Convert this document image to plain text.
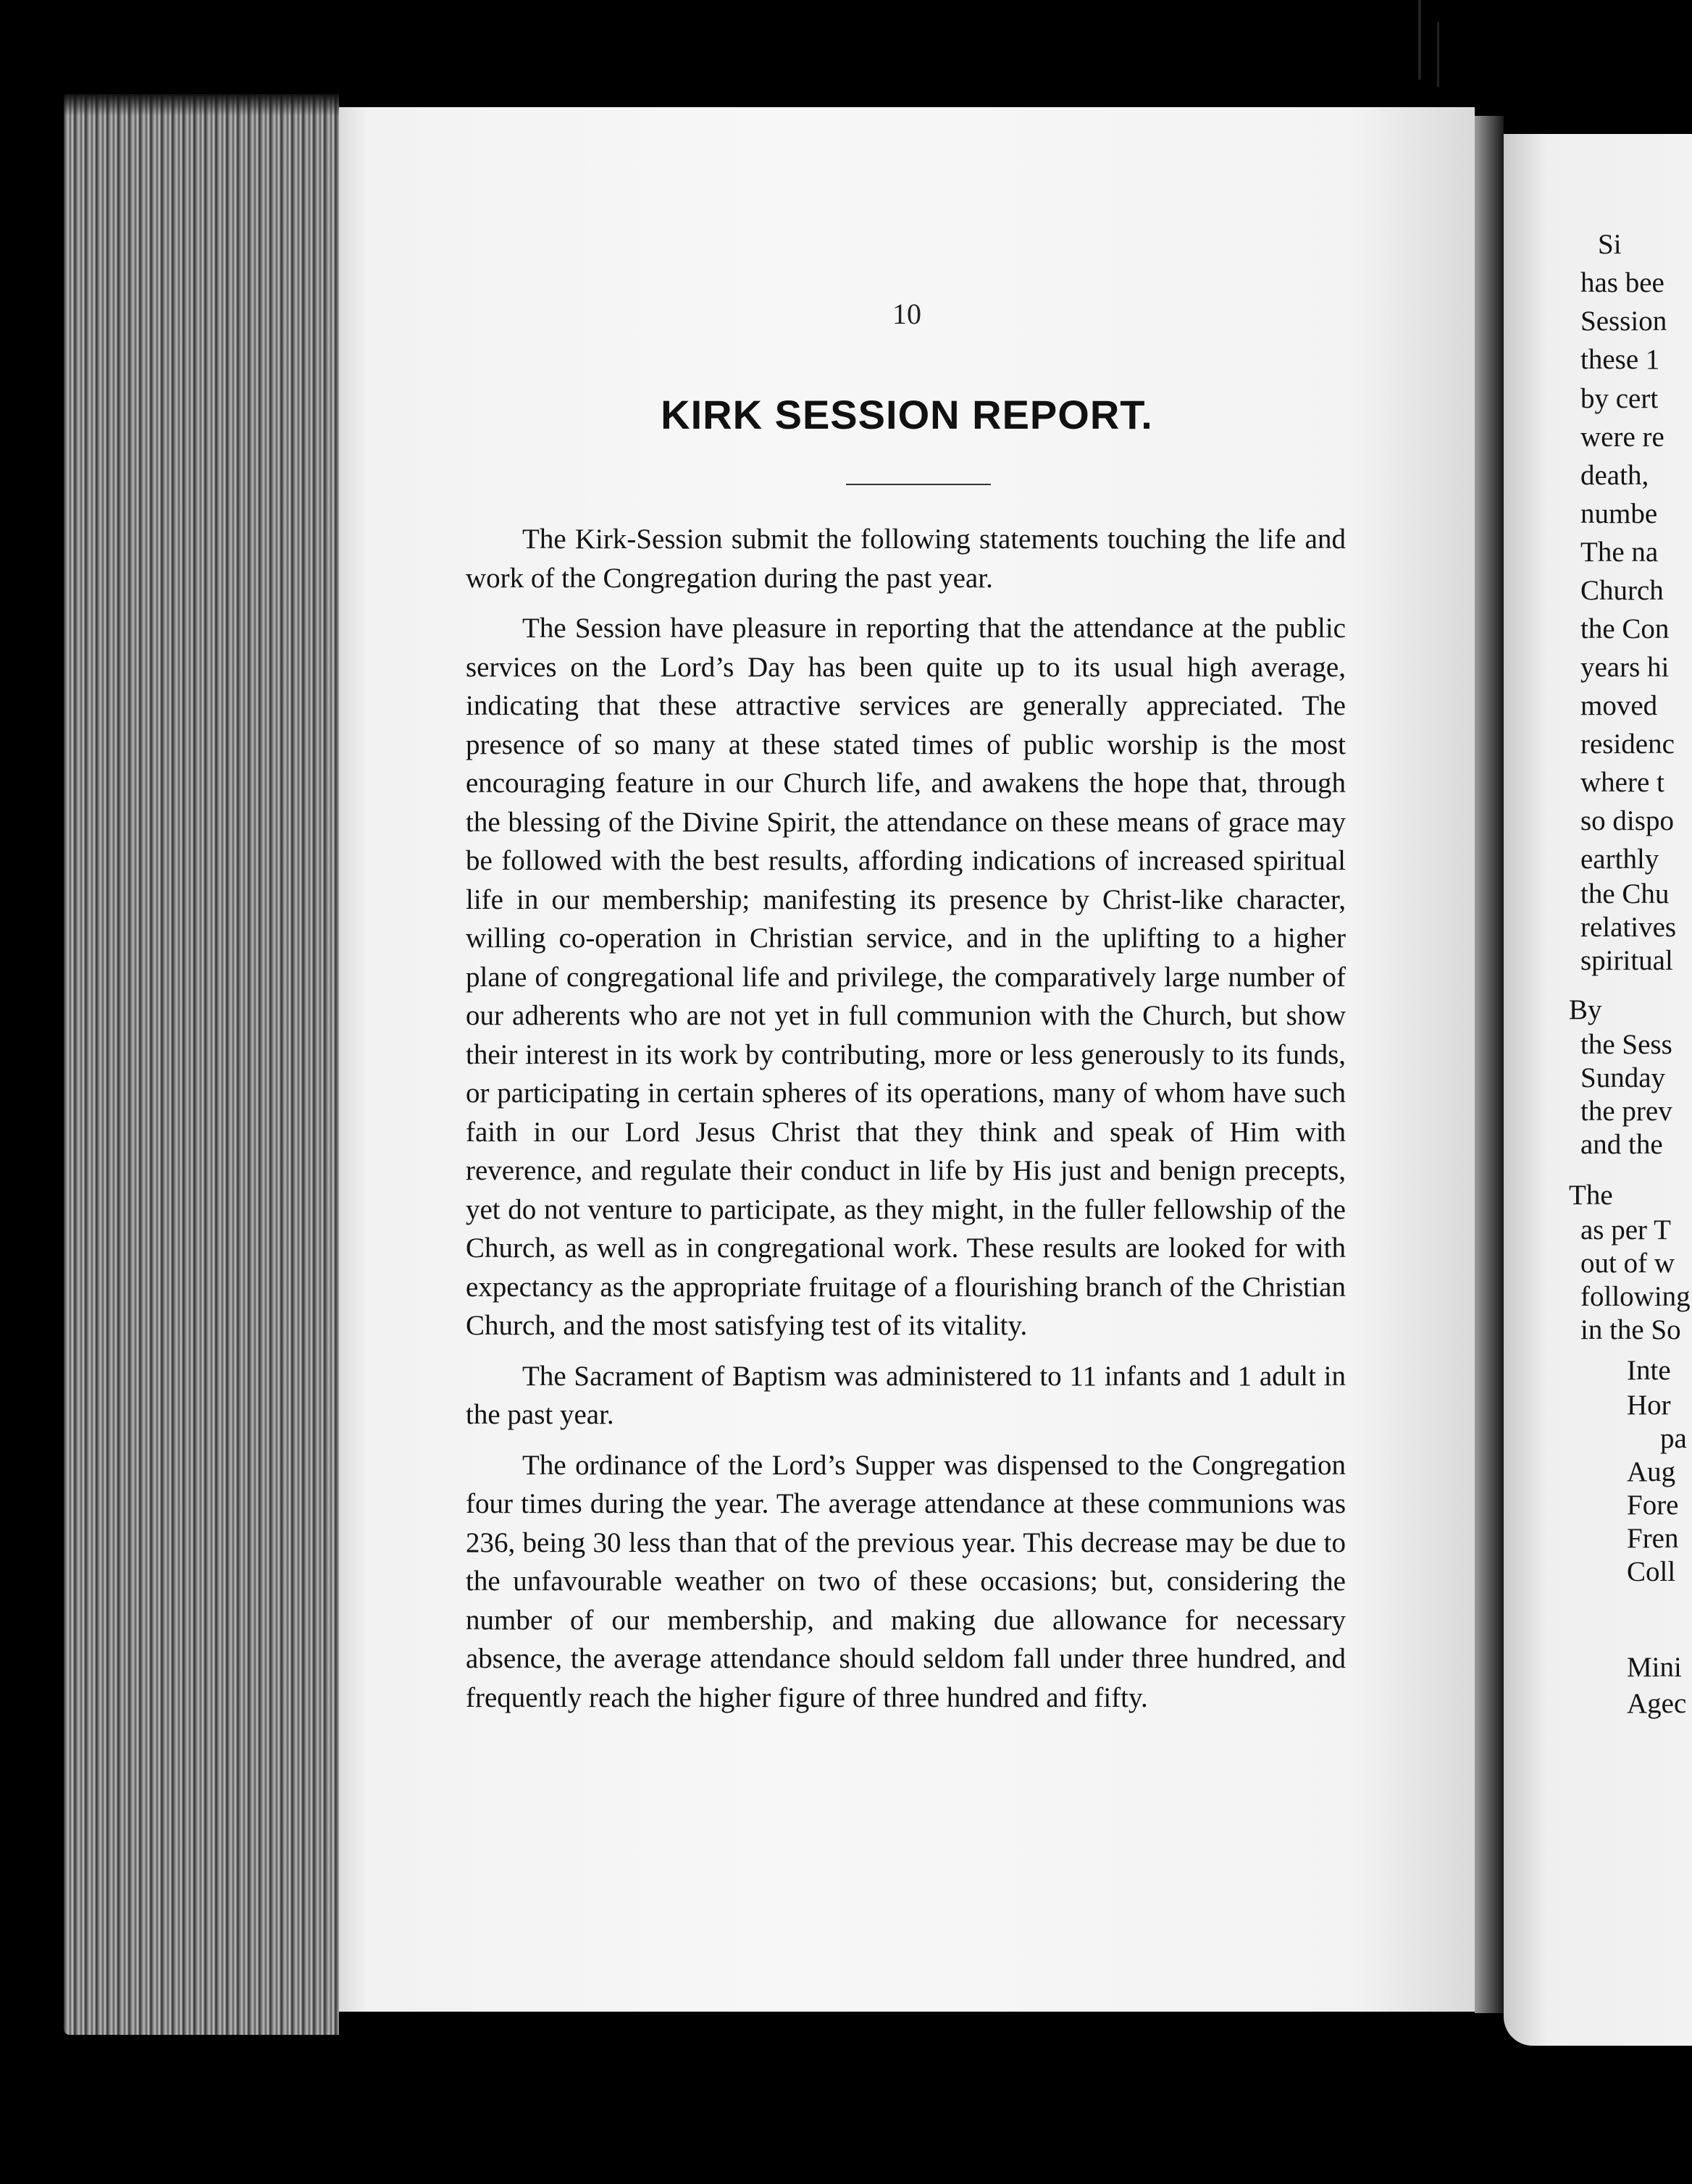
10
KIRK SESSION REPORT.

The Kirk-Session submit the following statements touching the life and work of the Congregation during the past year.

The Session have pleasure in reporting that the attendance at the public services on the Lord’s Day has been quite up to its usual high average, indicating that these attractive services are generally appreciated. The presence of so many at these stated times of public worship is the most encouraging feature in our Church life, and awakens the hope that, through the blessing of the Divine Spirit, the attendance on these means of grace may be followed with the best results, affording indications of increased spiritual life in our membership; manifesting its presence by Christ-like character, willing co-operation in Christian service, and in the uplifting to a higher plane of congregational life and privilege, the comparatively large number of our adherents who are not yet in full communion with the Church, but show their interest in its work by contributing, more or less generously to its funds, or participating in certain spheres of its operations, many of whom have such faith in our Lord Jesus Christ that they think and speak of Him with reverence, and regulate their conduct in life by His just and benign precepts, yet do not venture to participate, as they might, in the fuller fellowship of the Church, as well as in congregational work. These results are looked for with expectancy as the appropriate fruitage of a flourishing branch of the Christian Church, and the most satisfying test of its vitality.

The Sacrament of Baptism was administered to 11 infants and 1 adult in the past year.

The ordinance of the Lord’s Supper was dispensed to the Congregation four times during the year. The average attendance at these communions was 236, being 30 less than that of the previous year. This decrease may be due to the unfavourable weather on two of these occasions; but, considering the number of our membership, and making due allowance for necessary absence, the average attendance should seldom fall under three hundred, and frequently reach the higher figure of three hundred and fifty.

Si
has bee
Session
these 1
by cert
were re
death,
numbe
The na
Church
the Con
years hi
moved
residenc
where t
so dispo
earthly
the Chu
relatives
spiritual
By
the Sess
Sunday
the prev
and the
The
as per T
out of w
following
in the So
Inte
Hor
pa
Aug
Fore
Fren
Coll
Mini
Agec
